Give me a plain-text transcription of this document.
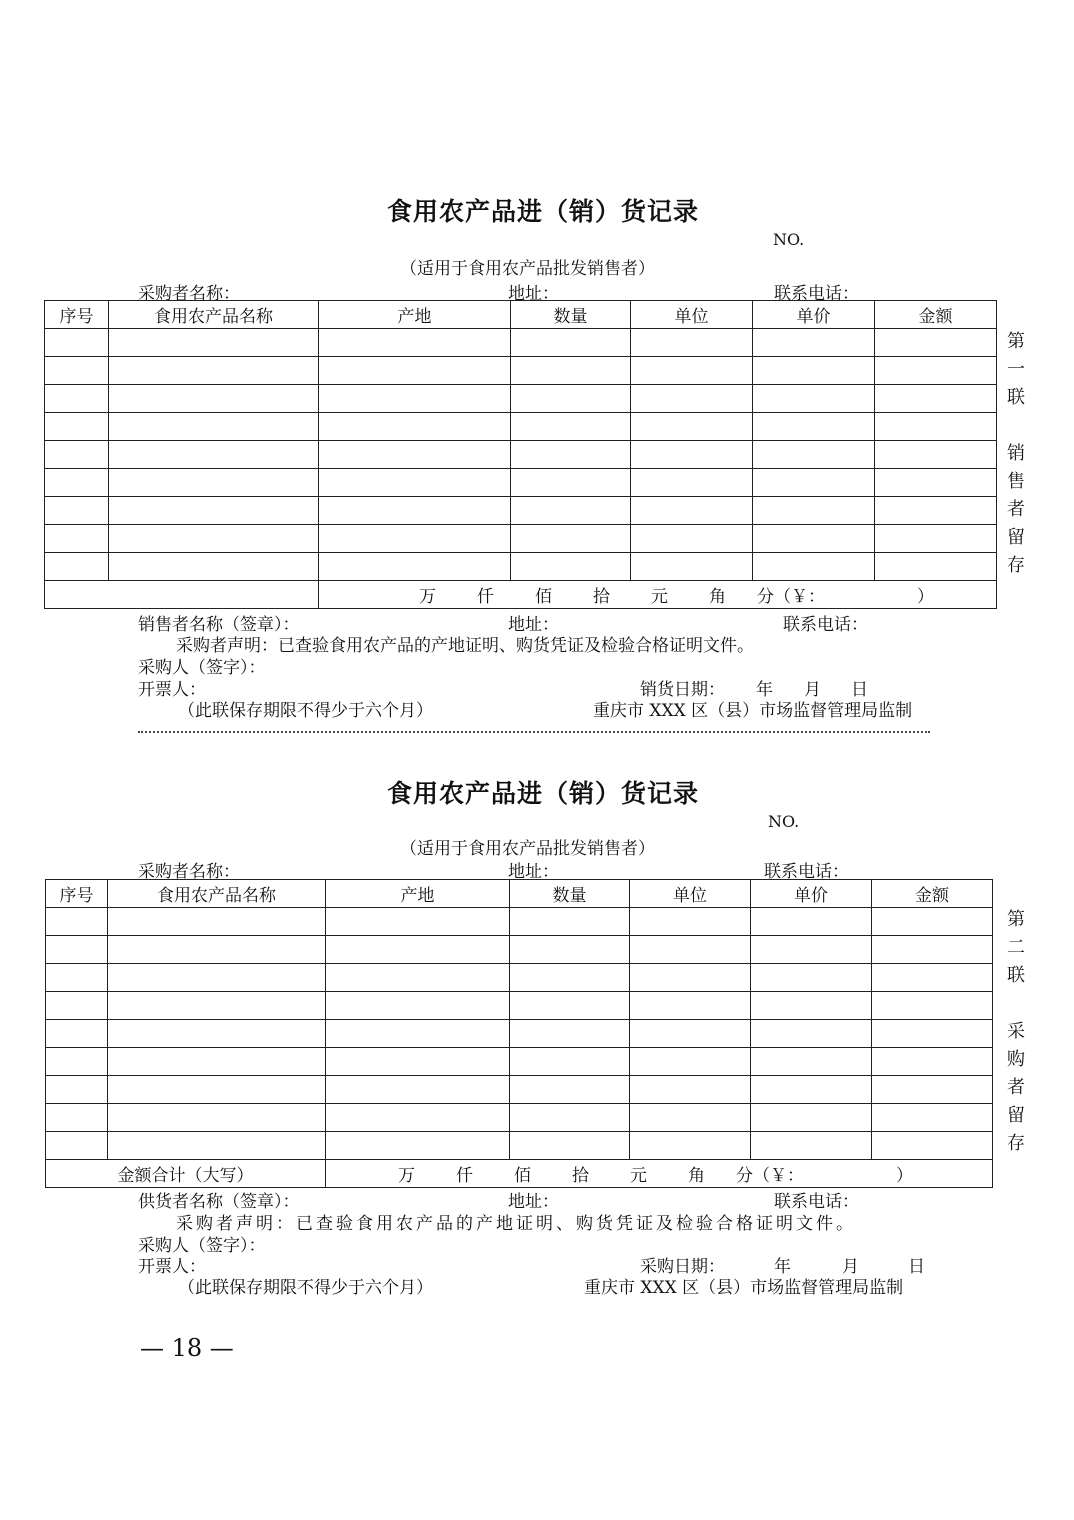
食用农产品进（销）货记录
NO.
（适用于食用农产品批发销售者）
采购者名称：	地址：	联系电话：
序号	食用农产品名称	产地	数量	单位	单价	金额

		万 仟 佰 拾 元 角 分（￥： ）				
第
一
联
销
售
者
留
存
销售者名称（签章）：	地址：	联系电话：
采购者声明：已查验食用农产品的产地证明、购货凭证及检验合格证明文件。
采购人（签字）：
开票人：	销货日期： 年 月 日
（此联保存期限不得少于六个月）	重庆市 XXX 区（县）市场监督管理局监制
食用农产品进（销）货记录
NO.
（适用于食用农产品批发销售者）
采购者名称：	地址：	联系电话：
序号	食用农产品名称	产地	数量	单位	单价	金额

金额合计（大写）		万 仟 佰 拾 元 角 分（￥： ）				
第
二
联
采
购
者
留
存
供货者名称（签章）：	地址：	联系电话：
采购者声明：已查验食用农产品的产地证明、购货凭证及检验合格证明文件。
采购人（签字）：
开票人：	采购日期：	年	月	日
（此联保存期限不得少于六个月）	重庆市 XXX 区（县）市场监督管理局监制
— 18 —
